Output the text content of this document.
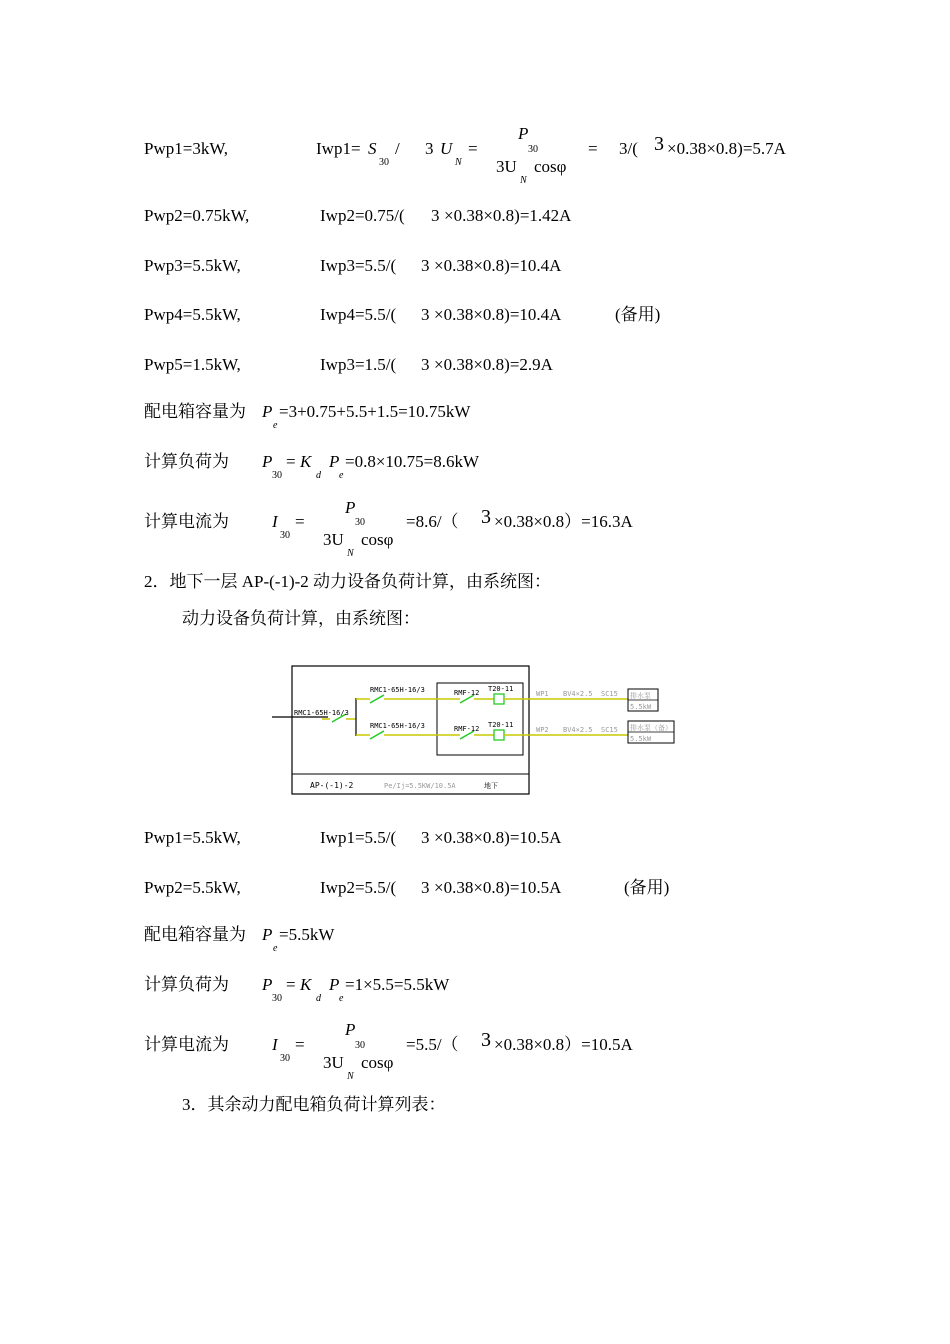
Pwp1=3kW,	Iwp1= S
30
/ 3 U
N
=
P
30
3U
N
cosφ
= 3/( 3 ×0.38×0.8)=5.7A
Pwp2=0.75kW,	Iwp2=0.75/( 3 ×0.38×0.8)=1.42A
Pwp3=5.5kW,	Iwp3=5.5/( 3 ×0.38×0.8)=10.4A
Pwp4=5.5kW,	Iwp4=5.5/( 3 ×0.38×0.8)=10.4A	(备用)
Pwp5=1.5kW,	Iwp3=1.5/( 3 ×0.38×0.8)=2.9A
配电箱容量为 P
e
=3+0.75+5.5+1.5=10.75kW
计算负荷为 P
30
= K
d
P
e
=0.8×10.75=8.6kW
计算电流为	I
30
=
P
30
3U
N
cosφ
=8.6/（ 3 ×0.38×0.8）=16.3A
2．地下一层 AP-(-1)-2 动力设备负荷计算，由系统图：
动力设备负荷计算，由系统图：
RMC1-65H-16/3
RMC1-65H-16/3
RMC1-65H-16/3
RMF-12
RMF-12
T20-11
T20-11
WP1
WP2
BV4×2.5
BV4×2.5
SC15
SC15
排水泵
5.5kW
排水泵（备）
5.5kW
AP-(-1)-2	Pe/Ij=5.5KW/10.5A	地下
Pwp1=5.5kW,	Iwp1=5.5/( 3 ×0.38×0.8)=10.5A
Pwp2=5.5kW,	Iwp2=5.5/( 3 ×0.38×0.8)=10.5A	(备用)
配电箱容量为 P
e
=5.5kW
计算负荷为 P
30
= K
d
P
e
=1×5.5=5.5kW
计算电流为	I
30
=
P
30
3U
N
cosφ
=5.5/（ 3 ×0.38×0.8）=10.5A
3．其余动力配电箱负荷计算列表：
